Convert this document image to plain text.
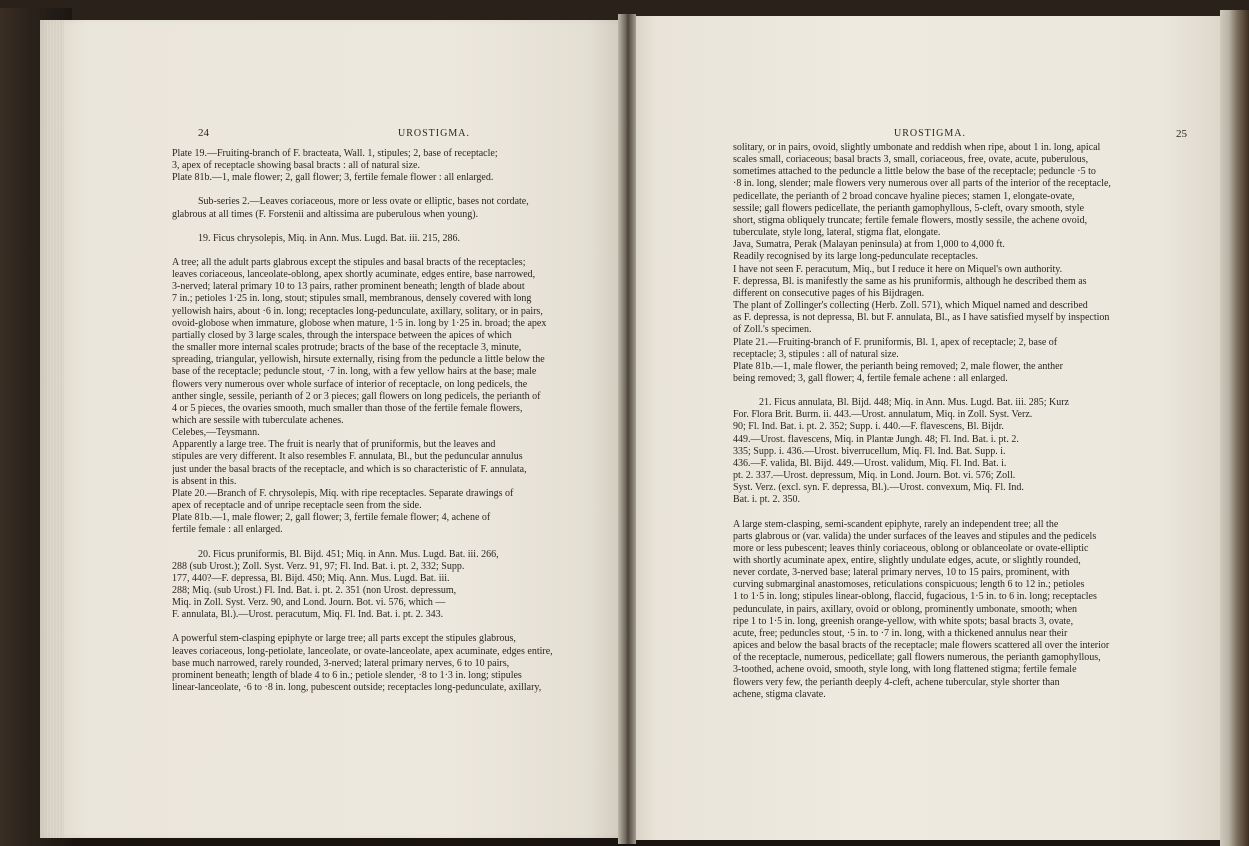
24	UROSTIGMA.
Plate 19.—Fruiting-branch of F. bracteata, Wall. 1, stipules; 2, base of receptacle;
3, apex of receptacle showing basal bracts : all of natural size.
Plate 81b.—1, male flower; 2, gall flower; 3, fertile female flower : all enlarged.
Sub-series 2.—Leaves coriaceous, more or less ovate or elliptic, bases not cordate,
glabrous at all times (F. Forstenii and altissima are puberulous when young).
19. Ficus chrysolepis, Miq. in Ann. Mus. Lugd. Bat. iii. 215, 286.
A tree; all the adult parts glabrous except the stipules and basal bracts of the receptacles;
leaves coriaceous, lanceolate-oblong, apex shortly acuminate, edges entire, base narrowed,
3-nerved; lateral primary 10 to 13 pairs, rather prominent beneath; length of blade about
7 in.; petioles 1·25 in. long, stout; stipules small, membranous, densely covered with long
yellowish hairs, about ·6 in. long; receptacles long-pedunculate, axillary, solitary, or in pairs,
ovoid-globose when immature, globose when mature, 1·5 in. long by 1·25 in. broad; the apex
partially closed by 3 large scales, through the interspace between the apices of which
the smaller more internal scales protrude; bracts of the base of the receptacle 3, minute,
spreading, triangular, yellowish, hirsute externally, rising from the peduncle a little below the
base of the receptacle; peduncle stout, ·7 in. long, with a few yellow hairs at the base; male
flowers very numerous over whole surface of interior of receptacle, on long pedicels, the
anther single, sessile, perianth of 2 or 3 pieces; gall flowers on long pedicels, the perianth of
4 or 5 pieces, the ovaries smooth, much smaller than those of the fertile female flowers,
which are sessile with tuberculate achenes.
Celebes,—Teysmann.
Apparently a large tree. The fruit is nearly that of pruniformis, but the leaves and
stipules are very different. It also resembles F. annulata, Bl., but the peduncular annulus
just under the basal bracts of the receptacle, and which is so characteristic of F. annulata,
is absent in this.
Plate 20.—Branch of F. chrysolepis, Miq. with ripe receptacles. Separate drawings of
apex of receptacle and of unripe receptacle seen from the side.
Plate 81b.—1, male flower; 2, gall flower; 3, fertile female flower; 4, achene of
fertile female : all enlarged.
20. Ficus pruniformis, Bl. Bijd. 451; Miq. in Ann. Mus. Lugd. Bat. iii. 266,
288 (sub Urost.); Zoll. Syst. Verz. 91, 97; Fl. Ind. Bat. i. pt. 2, 332; Supp.
177, 440?—F. depressa, Bl. Bijd. 450; Miq. Ann. Mus. Lugd. Bat. iii.
288; Miq. (sub Urost.) Fl. Ind. Bat. i. pt. 2. 351 (non Urost. depressum,
Miq. in Zoll. Syst. Verz. 90, and Lond. Journ. Bot. vi. 576, which —
F. annulata, Bl.).—Urost. peracutum, Miq. Fl. Ind. Bat. i. pt. 2. 343.
A powerful stem-clasping epiphyte or large tree; all parts except the stipules glabrous,
leaves coriaceous, long-petiolate, lanceolate, or ovate-lanceolate, apex acuminate, edges entire,
base much narrowed, rarely rounded, 3-nerved; lateral primary nerves, 6 to 10 pairs,
prominent beneath; length of blade 4 to 6 in.; petiole slender, ·8 to 1·3 in. long; stipules
linear-lanceolate, ·6 to ·8 in. long, pubescent outside; receptacles long-pedunculate, axillary,
UROSTIGMA.	25
solitary, or in pairs, ovoid, slightly umbonate and reddish when ripe, about 1 in. long, apical
scales small, coriaceous; basal bracts 3, small, coriaceous, free, ovate, acute, puberulous,
sometimes attached to the peduncle a little below the base of the receptacle; peduncle ·5 to
·8 in. long, slender; male flowers very numerous over all parts of the interior of the receptacle,
pedicellate, the perianth of 2 broad concave hyaline pieces; stamen 1, elongate-ovate,
sessile; gall flowers pedicellate, the perianth gamophyllous, 5-cleft, ovary smooth, style
short, stigma obliquely truncate; fertile female flowers, mostly sessile, the achene ovoid,
tuberculate, style long, lateral, stigma flat, elongate.
Java, Sumatra, Perak (Malayan peninsula) at from 1,000 to 4,000 ft.
Readily recognised by its large long-pedunculate receptacles.
I have not seen F. peracutum, Miq., but I reduce it here on Miquel's own authority.
F. depressa, Bl. is manifestly the same as his pruniformis, although he described them as
different on consecutive pages of his Bijdragen.
The plant of Zollinger's collecting (Herb. Zoll. 571), which Miquel named and described
as F. depressa, is not depressa, Bl. but F. annulata, Bl., as I have satisfied myself by inspection
of Zoll.'s specimen.
Plate 21.—Fruiting-branch of F. pruniformis, Bl. 1, apex of receptacle; 2, base of
receptacle; 3, stipules : all of natural size.
Plate 81b.—1, male flower, the perianth being removed; 2, male flower, the anther
being removed; 3, gall flower; 4, fertile female achene : all enlarged.
21. Ficus annulata, Bl. Bijd. 448; Miq. in Ann. Mus. Lugd. Bat. iii. 285; Kurz
For. Flora Brit. Burm. ii. 443.—Urost. annulatum, Miq. in Zoll. Syst. Verz.
90; Fl. Ind. Bat. i. pt. 2. 352; Supp. i. 440.—F. flavescens, Bl. Bijdr.
449.—Urost. flavescens, Miq. in Plantæ Jungh. 48; Fl. Ind. Bat. i. pt. 2.
335; Supp. i. 436.—Urost. biverrucellum, Miq. Fl. Ind. Bat. Supp. i.
436.—F. valida, Bl. Bijd. 449.—Urost. validum, Miq. Fl. Ind. Bat. i.
pt. 2. 337.—Urost. depressum, Miq. in Lond. Journ. Bot. vi. 576; Zoll.
Syst. Verz. (excl. syn. F. depressa, Bl.).—Urost. convexum, Miq. Fl. Ind.
Bat. i. pt. 2. 350.
A large stem-clasping, semi-scandent epiphyte, rarely an independent tree; all the
parts glabrous or (var. valida) the under surfaces of the leaves and stipules and the pedicels
more or less pubescent; leaves thinly coriaceous, oblong or oblanceolate or ovate-elliptic
with shortly acuminate apex, entire, slightly undulate edges, acute, or slightly rounded,
never cordate, 3-nerved base; lateral primary nerves, 10 to 15 pairs, prominent, with
curving submarginal anastomoses, reticulations conspicuous; length 6 to 12 in.; petioles
1 to 1·5 in. long; stipules linear-oblong, flaccid, fugacious, 1·5 in. to 6 in. long; receptacles
pedunculate, in pairs, axillary, ovoid or oblong, prominently umbonate, smooth; when
ripe 1 to 1·5 in. long, greenish orange-yellow, with white spots; basal bracts 3, ovate,
acute, free; peduncles stout, ·5 in. to ·7 in. long, with a thickened annulus near their
apices and below the basal bracts of the receptacle; male flowers scattered all over the interior
of the receptacle, numerous, pedicellate; gall flowers numerous, the perianth gamophyllous,
3-toothed, achene ovoid, smooth, style long, with long flattened stigma; fertile female
flowers very few, the perianth deeply 4-cleft, achene tubercular, style shorter than
achene, stigma clavate.
